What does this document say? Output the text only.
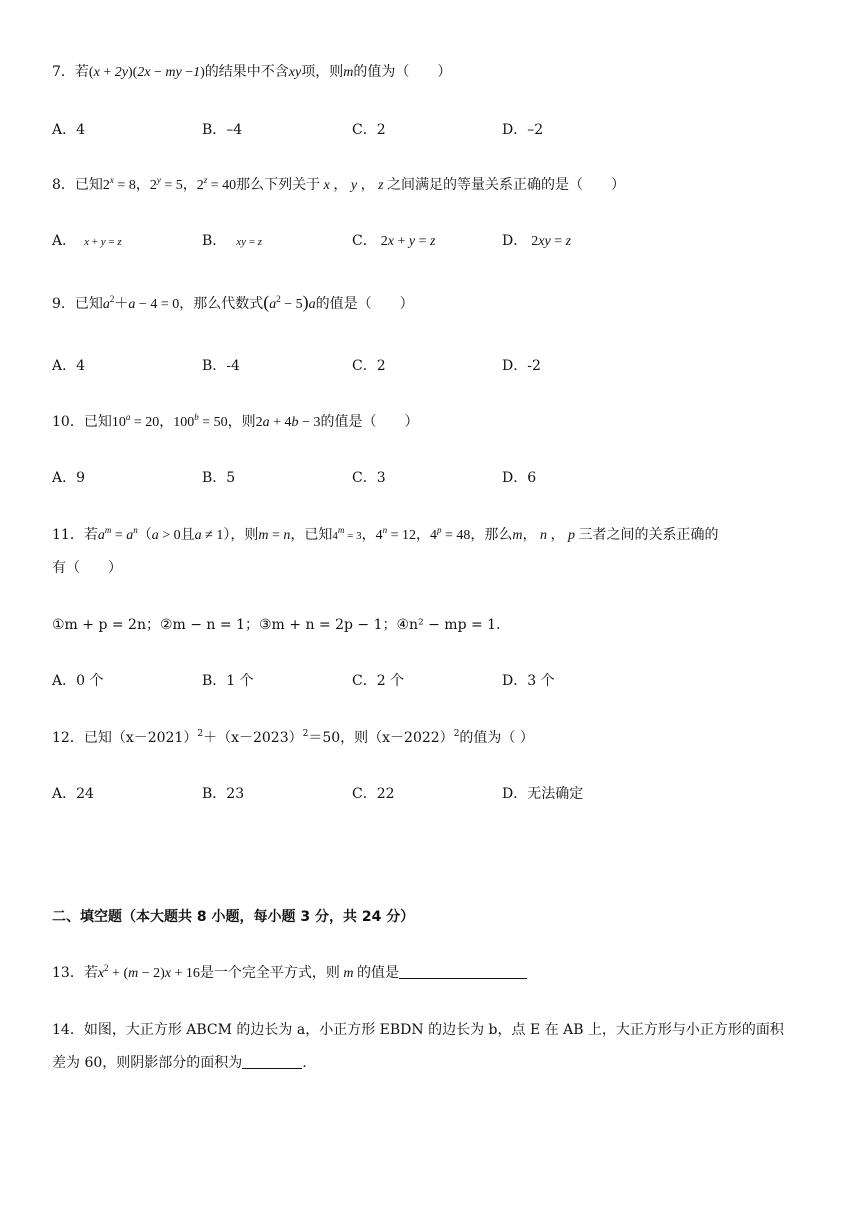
7．若(x + 2y)(2x − my −1)的结果中不含xy项，则m的值为（　　）
A．4	B．–4	C．2	D．–2
8．已知$2^x = 8$，$2^y = 5$，$2^z = 40$那么下列关于 x ， y ， z 之间满足的等量关系正确的是（　　）
A． x + y = z	B． xy = z	C． 2x + y = z	D． 2xy = z
9．已知$a^2+a - 4 = 0$，那么代数式$(a^2 - 5)a$的值是（　　）
A．4	B．-4	C．2	D．-2
10．已知$10^a = 20$，$100^b = 50$，则2a + 4b − 3的值是（　　）
A．9	B．5	C．3	D．6
11．若$a^m = a^n(a > 0$且a ≠ 1），则m = n，已知$4^m = 3$，$4^n = 12$，$4^p = 48$，那么m， n ， p 三者之间的关系正确的
有（　　）
①m + p = 2n；②m − n = 1；③m + n = 2p − 1；④n² − mp = 1．
A．0 个	B．1 个	C．2 个	D．3 个
12．已知$(x-2021)^2+(x-2023)^2=50$，则$(x-2022)^2$的值为（ ）
A．24	B．23	C．22	D．无法确定
二、填空题（本大题共 8 小题，每小题 3 分，共 24 分）
13．若$x^2 + (m - 2)x + 16$是一个完全平方式，则 m 的值是
14．如图，大正方形 ABCM 的边长为 a，小正方形 EBDN 的边长为 b，点 E 在 AB 上，大正方形与小正方形的面积
差为 60，则阴影部分的面积为	.
